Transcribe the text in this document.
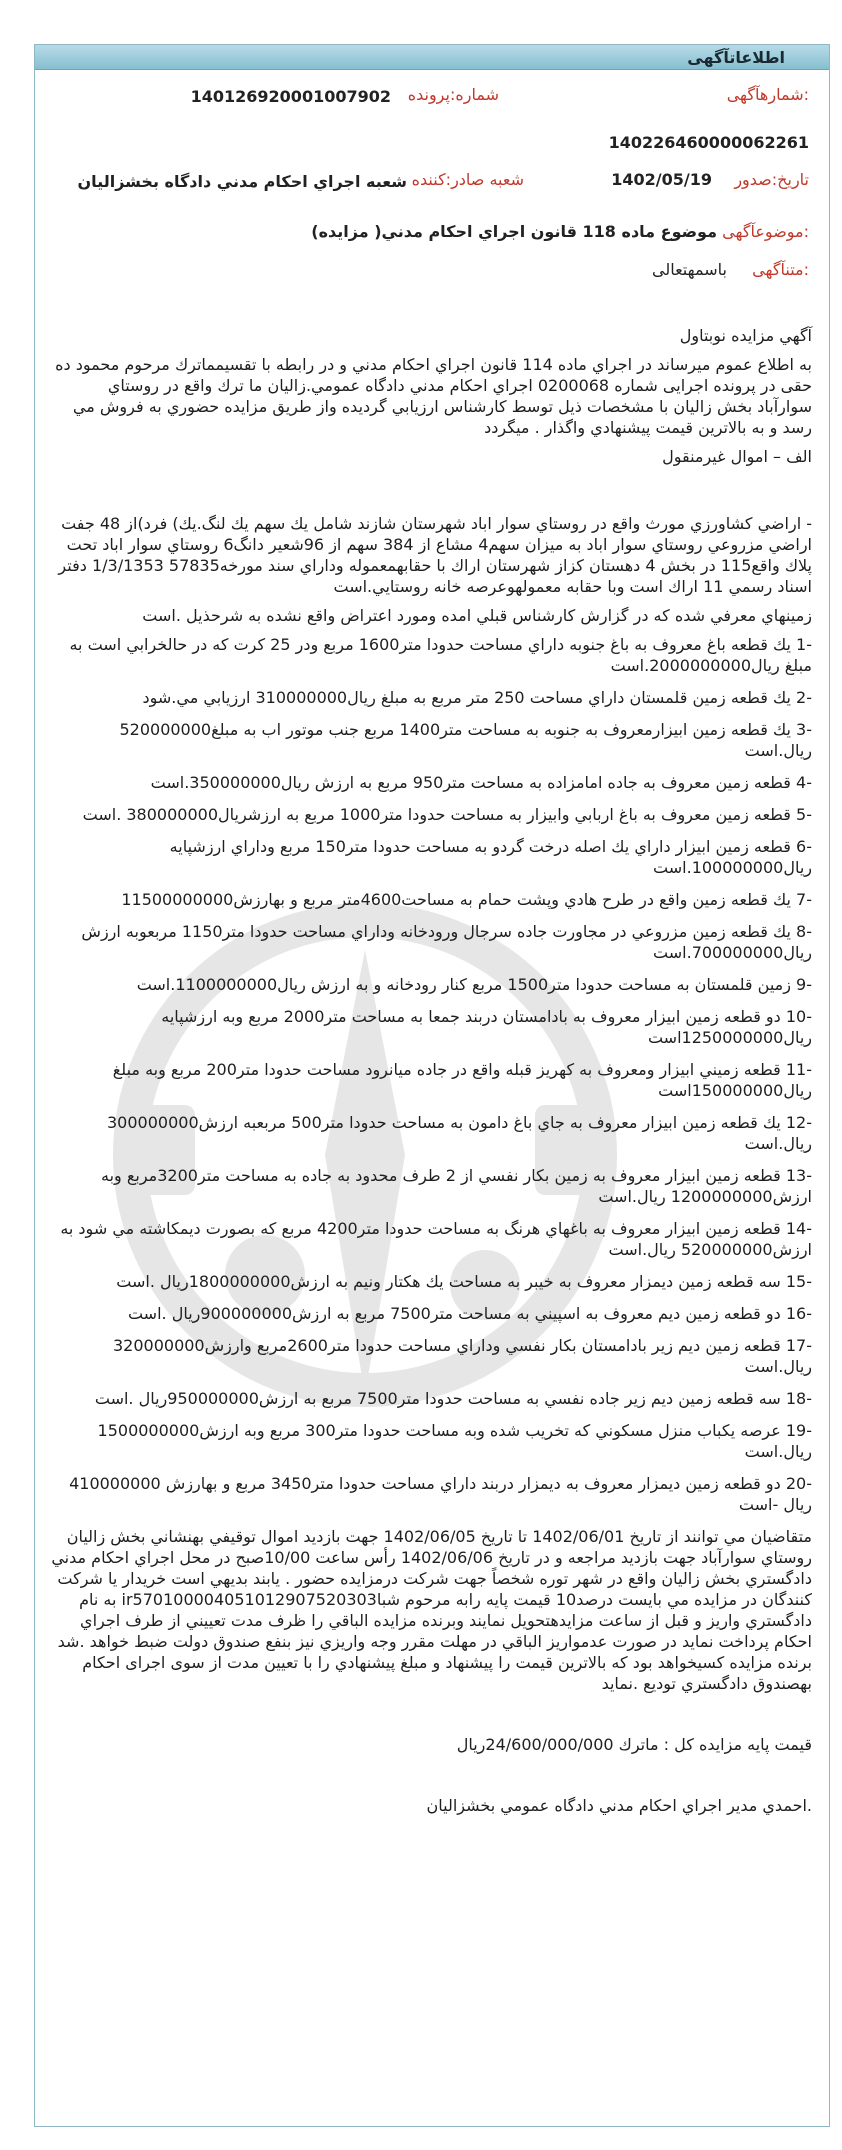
اطلاعاتآگهی
شمارهآگهی:
شماره:پرونده
140126920001007902
140226460000062261
تاریخ:صدور
1402/05/19
شعبه صادر:کننده
شعبه اجراي احكام مدني دادگاه بخشزاليان
موضوعآگهی:
موضوع ماده 118 قانون اجراي احكام مدني( مزايده)
متنآگهی:
باسمهتعالی

آگهي مزايده نوبتاول

به اطلاع عموم ميرساند در اجراي ماده 114 قانون اجراي احكام مدني و در رابطه با تقسيمماترك مرحوم محمود ده حقی در پرونده اجرایی شماره 0200068 اجراي احكام مدني دادگاه عمومي.زاليان ما ترك واقع در روستاي سوارآباد بخش زاليان با مشخصات ذيل توسط كارشناس ارزيابي گرديده واز طريق مزايده حضوري به فروش مي رسد و به بالاترين قيمت پيشنهادي واگذار . ميگردد

الف – اموال غيرمنقول

- اراضي كشاورزي مورث واقع در روستاي سوار اباد شهرستان شازند شامل يك سهم يك لنگ.يك) فرد)از 48 جفت اراضي مزروعي روستاي سوار اباد به ميزان سهم4 مشاع از 384 سهم از 96شعير دانگ6 روستاي سوار اباد تحت پلاك واقع115 در بخش 4 دهستان كزاز شهرستان اراك با حقابهمعموله وداراي سند مورخه57835 1/3/1353 دفتر اسناد رسمي 11 اراك است وبا حقابه معمولهوعرصه خانه روستايي.است

زمينهاي معرفي شده كه در گزارش كارشناس قبلي امده ومورد اعتراض واقع نشده به شرحذيل .است

-1 يك قطعه باغ معروف به باغ جنوبه داراي مساحت حدودا متر1600 مربع ودر 25 كرت كه در حالخرابي است به مبلغ ريال2000000000.است

-2 يك قطعه زمين قلمستان داراي مساحت 250 متر مربع به مبلغ ريال310000000 ارزيابي مي.شود

-3 يك قطعه زمين ابيزارمعروف به جنوبه به مساحت متر1400 مربع جنب موتور اب به مبلغ520000000 ريال.است

-4 قطعه زمين معروف به جاده امامزاده به مساحت متر950 مربع به ارزش ريال350000000.است

-5 قطعه زمين معروف به باغ اربابي وابيزار به مساحت حدودا متر1000 مربع به ارزشريال380000000 .است

-6 قطعه زمين ابيزار داراي يك اصله درخت گردو به مساحت حدودا متر150 مربع وداراي ارزشپايه ريال100000000.است

-7 يك قطعه زمين واقع در طرح هادي وپشت حمام به مساحت4600متر مربع و بهارزش11500000000

-8 يك قطعه زمين مزروعي در مجاورت جاده سرجال ورودخانه وداراي مساحت حدودا متر1150 مربعوبه ارزش ريال700000000.است

-9 زمين قلمستان به مساحت حدودا متر1500 مربع كنار رودخانه و به ارزش ريال1100000000.است

-10 دو قطعه زمين ابيزار معروف به بادامستان دربند جمعا به مساحت متر2000 مربع وبه ارزشپايه ريال1250000000است

-11 قطعه زميني ابيزار ومعروف به كهريز قبله واقع در جاده ميانرود مساحت حدودا متر200 مربع وبه مبلغ ريال150000000است

-12 يك قطعه زمين ابيزار معروف به جاي باغ دامون به مساحت حدودا متر500 مربعبه ارزش300000000 ريال.است

-13 قطعه زمين ابيزار معروف به زمين بكار نفسي از 2 طرف محدود به جاده به مساحت متر3200مربع وبه ارزش1200000000 ريال.است

-14 قطعه زمين ابيزار معروف به باغهاي هرنگ به مساحت حدودا متر4200 مربع كه بصورت ديمكاشته مي شود به ارزش520000000 ريال.است

-15 سه قطعه زمين ديمزار معروف به خيبر به مساحت يك هكتار ونيم به ارزش1800000000ريال .است

-16 دو قطعه زمين ديم معروف به اسپيني به مساحت متر7500 مربع به ارزش900000000ريال .است

-17 قطعه زمين ديم زير بادامستان بكار نفسي وداراي مساحت حدودا متر2600مربع وارزش320000000 ريال.است

-18 سه قطعه زمين ديم زير جاده نفسي به مساحت حدودا متر7500 مربع به ارزش950000000ريال .است

-19 عرصه يكباب منزل مسكوني كه تخريب شده وبه مساحت حدودا متر300 مربع وبه ارزش1500000000 ريال.است

-20 دو قطعه زمين ديمزار معروف به ديمزار دربند داراي مساحت حدودا متر3450 مربع و بهارزش 410000000 ريال -است

متقاضيان مي توانند از تاريخ 1402/06/01 تا تاريخ 1402/06/05 جهت بازديد اموال توقيفي بهنشاني بخش زاليان روستاي سوارآباد جهت بازديد مراجعه و در تاريخ 1402/06/06 رأس ساعت 10/00صبح در محل اجراي احكام مدني دادگستري بخش زاليان واقع در شهر توره شخصاً جهت شركت درمزايده حضور . يابند بديهي است خريدار يا شركت كنندگان در مزايده مي بايست درصد10 قيمت پايه رابه مرحوم شباir570100004051012907520303 به نام دادگستري واريز و قبل از ساعت مزايدهتحويل نمايند وبرنده مزايده الباقي را ظرف مدت تعييني از طرف اجراي احكام پرداخت نمايد در صورت عدمواريز الباقي در مهلت مقرر وجه واريزي نيز بنفع صندوق دولت ضبط خواهد .شد برنده مزايده كسيخواهد بود كه بالاترين قيمت را پيشنهاد و مبلغ پيشنهادي را با تعيين مدت از سوی اجرای احکام بهصندوق دادگستري توديع .نمايد

قيمت پايه مزايده كل : ماترك 24/600/000/000ريال

.احمدي مدير اجراي احكام مدني دادگاه عمومي بخشزاليان
